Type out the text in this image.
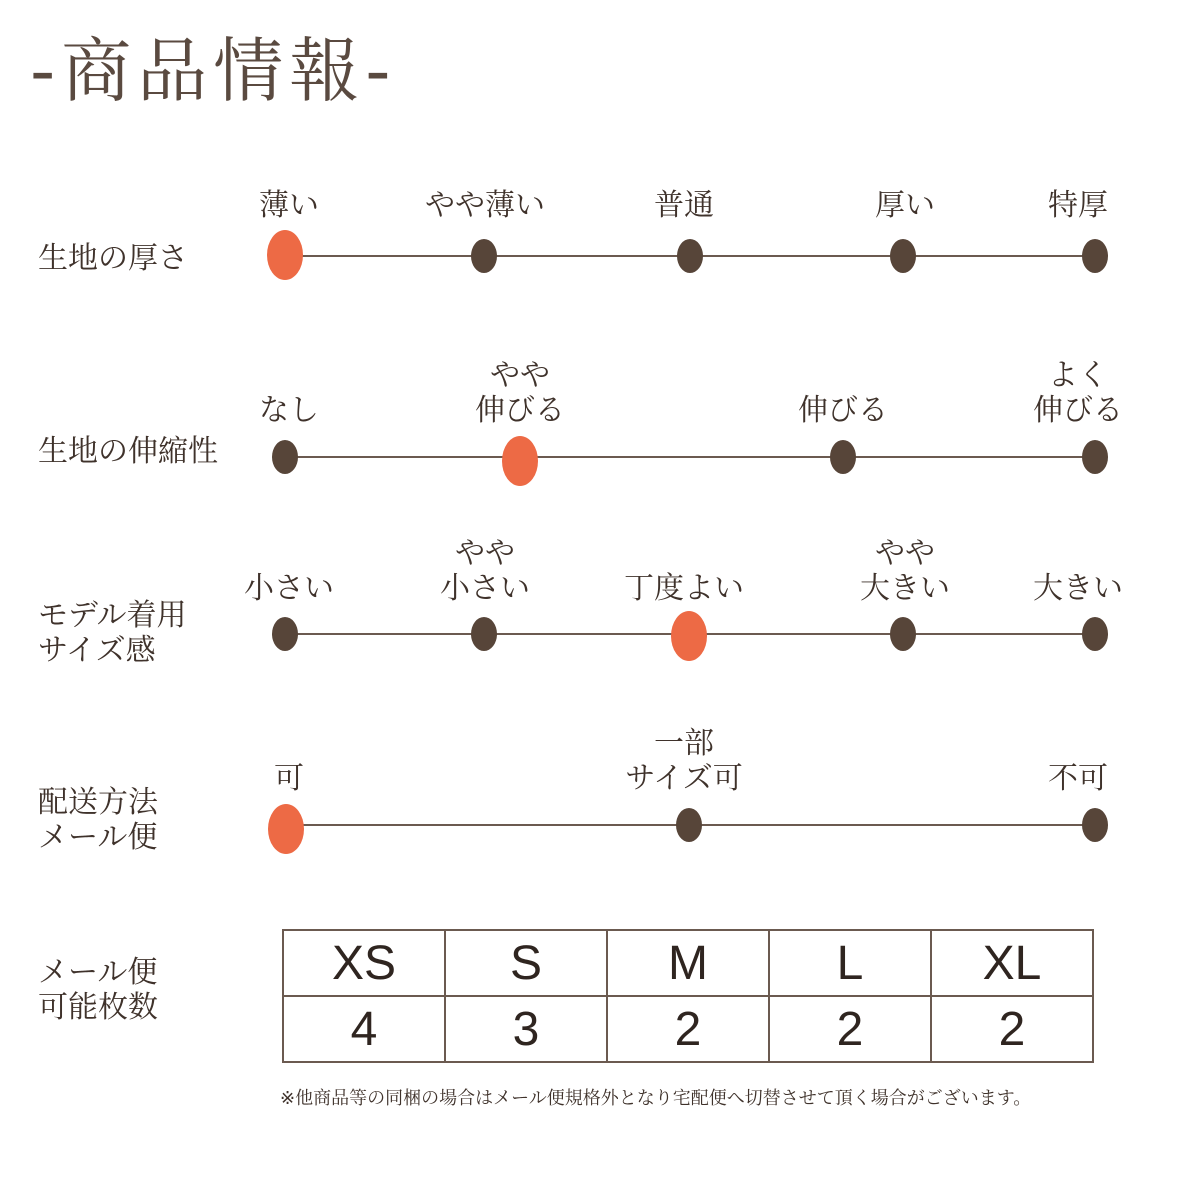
-商品情報-
生地の厚さ
薄い	やや薄い	普通	厚い	特厚
生地の伸縮性
なし
やや
伸びる	伸びる
よく
伸びる
モデル着用
サイズ感
小さい
やや
小さい	丁度よい
やや
大きい	大きい
配送方法
メール便
可
一部
サイズ可	不可
メール便
可能枚数
XS	S	M	L	XL
4	3	2	2	2
※他商品等の同梱の場合はメール便規格外となり宅配便へ切替させて頂く場合がございます。
